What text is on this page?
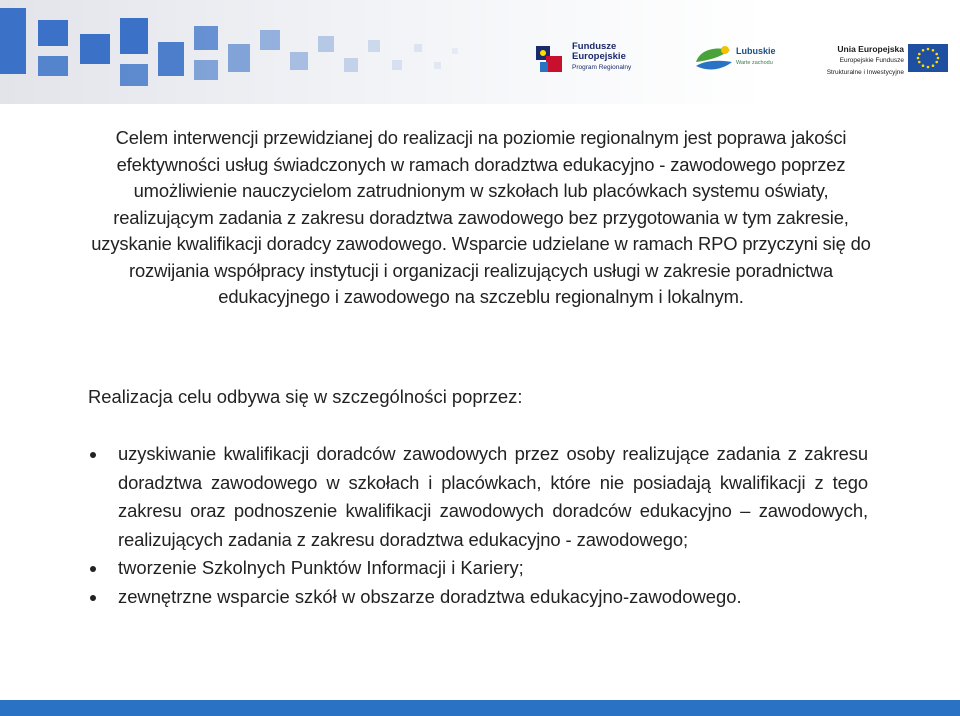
Fundusze
Europejskie
Program Regionalny
Lubuskie
Warte zachodu
Unia Europejska
Europejskie Fundusze
Strukturalne i Inwestycyjne
Celem interwencji przewidzianej do realizacji na poziomie regionalnym jest poprawa jakości efektywności usług świadczonych w ramach doradztwa edukacyjno - zawodowego poprzez umożliwienie nauczycielom zatrudnionym w szkołach lub placówkach systemu oświaty, realizującym zadania z zakresu doradztwa zawodowego bez przygotowania w tym zakresie, uzyskanie kwalifikacji doradcy zawodowego. Wsparcie udzielane w ramach RPO przyczyni się do rozwijania współpracy instytucji i organizacji realizujących usługi w zakresie poradnictwa edukacyjnego i zawodowego na szczeblu regionalnym i lokalnym.
Realizacja celu odbywa się w szczególności poprzez:
uzyskiwanie kwalifikacji doradców zawodowych przez osoby realizujące zadania z zakresu doradztwa zawodowego w szkołach i placówkach, które nie posiadają kwalifikacji z tego zakresu oraz podnoszenie kwalifikacji zawodowych doradców edukacyjno – zawodowych, realizujących zadania z zakresu doradztwa edukacyjno - zawodowego;
tworzenie Szkolnych Punktów Informacji i Kariery;
zewnętrzne wsparcie szkół w obszarze doradztwa edukacyjno-zawodowego.
